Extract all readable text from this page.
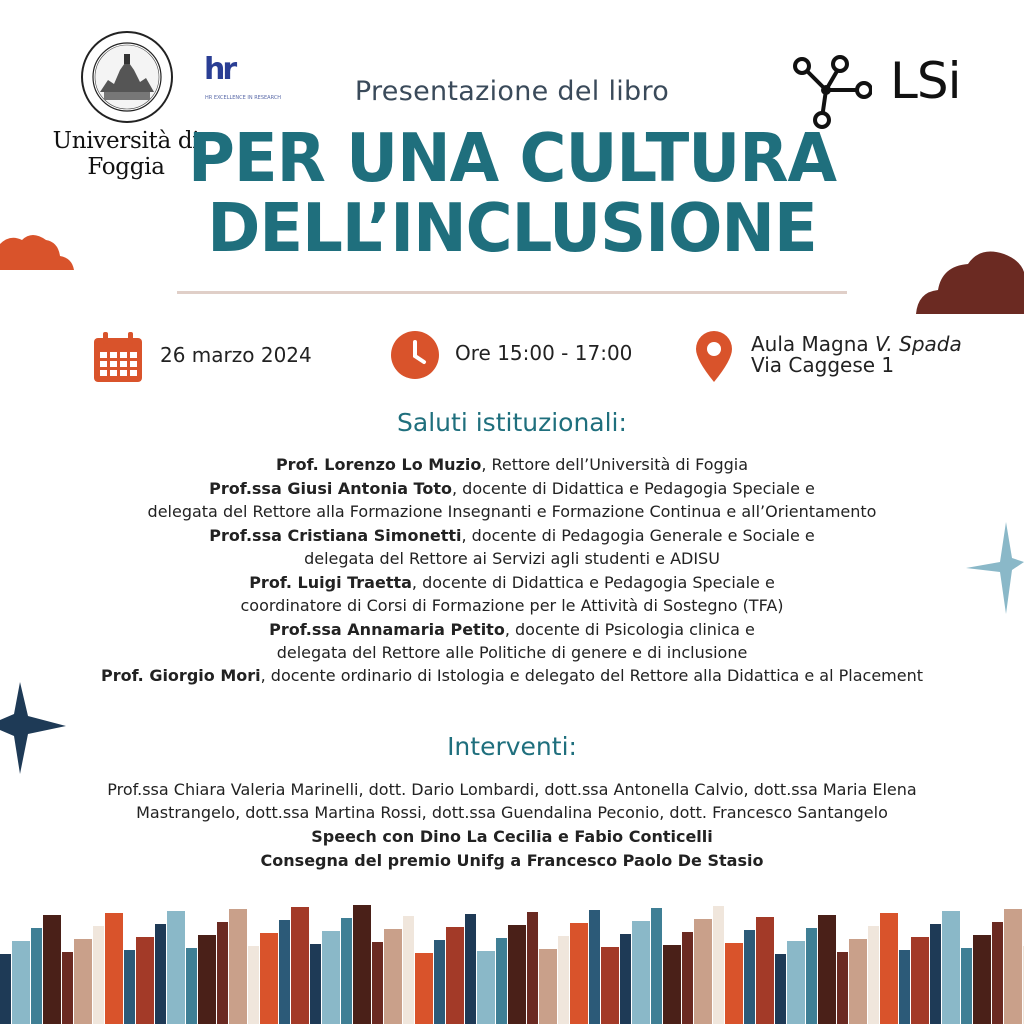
Università di Foggia
hr
HR EXCELLENCE IN RESEARCH	LSi
Presentazione del libro
PER UNA CULTURA
DELL’INCLUSIONE
26 marzo 2024	Ore 15:00 - 17:00	Aula Magna V. Spada
Via Caggese 1
Saluti istituzionali:
Prof. Lorenzo Lo Muzio, Rettore dell’Università di Foggia
Prof.ssa Giusi Antonia Toto, docente di Didattica e Pedagogia Speciale e
delegata del Rettore alla Formazione Insegnanti e Formazione Continua e all’Orientamento
Prof.ssa Cristiana Simonetti, docente di Pedagogia Generale e Sociale e
delegata del Rettore ai Servizi agli studenti e ADISU
Prof. Luigi Traetta, docente di Didattica e Pedagogia Speciale e
coordinatore di Corsi di Formazione per le Attività di Sostegno (TFA)
Prof.ssa Annamaria Petito, docente di Psicologia clinica e
delegata del Rettore alle Politiche di genere e di inclusione
Prof. Giorgio Mori, docente ordinario di Istologia e delegato del Rettore alla Didattica e al Placement
Interventi:
Prof.ssa Chiara Valeria Marinelli, dott. Dario Lombardi, dott.ssa Antonella Calvio, dott.ssa Maria Elena
Mastrangelo, dott.ssa Martina Rossi, dott.ssa Guendalina Peconio, dott. Francesco Santangelo
Speech con Dino La Cecilia e Fabio Conticelli
Consegna del premio Unifg a Francesco Paolo De Stasio
